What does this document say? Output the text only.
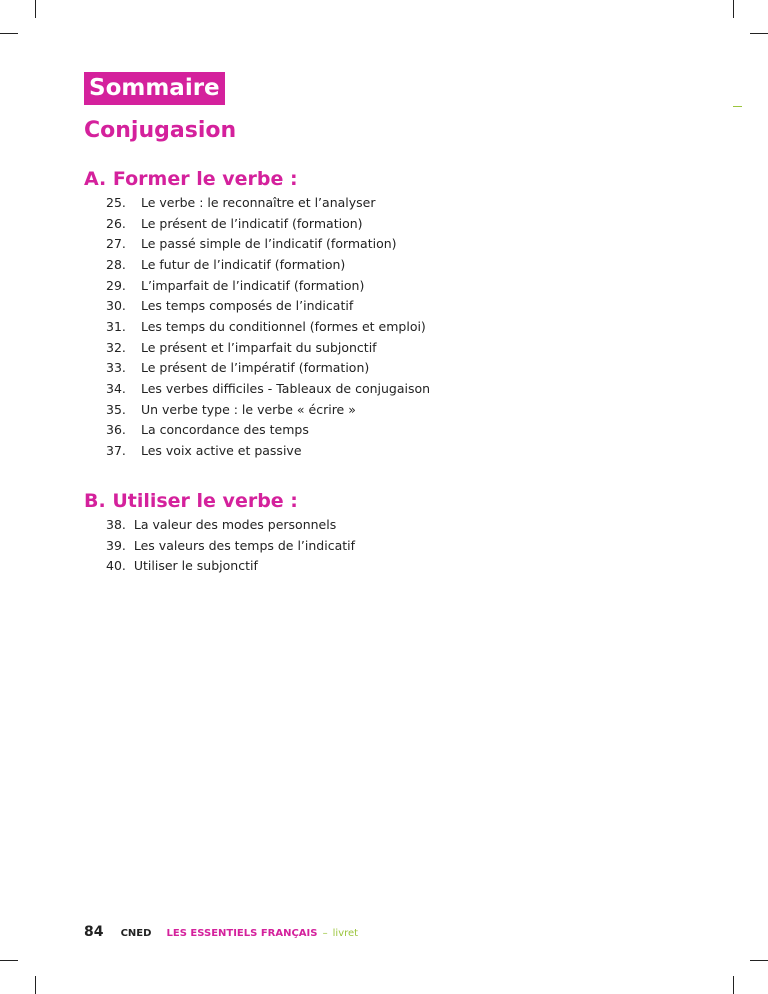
Sommaire
Conjugasion
A. Former le verbe :
25. Le verbe : le reconnaître et l’analyser
26. Le présent de l’indicatif (formation)
27. Le passé simple de l’indicatif (formation)
28. Le futur de l’indicatif (formation)
29. L’imparfait de l’indicatif (formation)
30. Les temps composés de l’indicatif
31. Les temps du conditionnel (formes et emploi)
32. Le présent et l’imparfait du subjonctif
33. Le présent de l’impératif (formation)
34. Les verbes difficiles - Tableaux de conjugaison
35. Un verbe type : le verbe « écrire »
36. La concordance des temps
37. Les voix active et passive
B. Utiliser le verbe :
38. La valeur des modes personnels
39. Les valeurs des temps de l’indicatif
40. Utiliser le subjonctif
84 CNED LES ESSENTIELS FRANÇAIS – livret
